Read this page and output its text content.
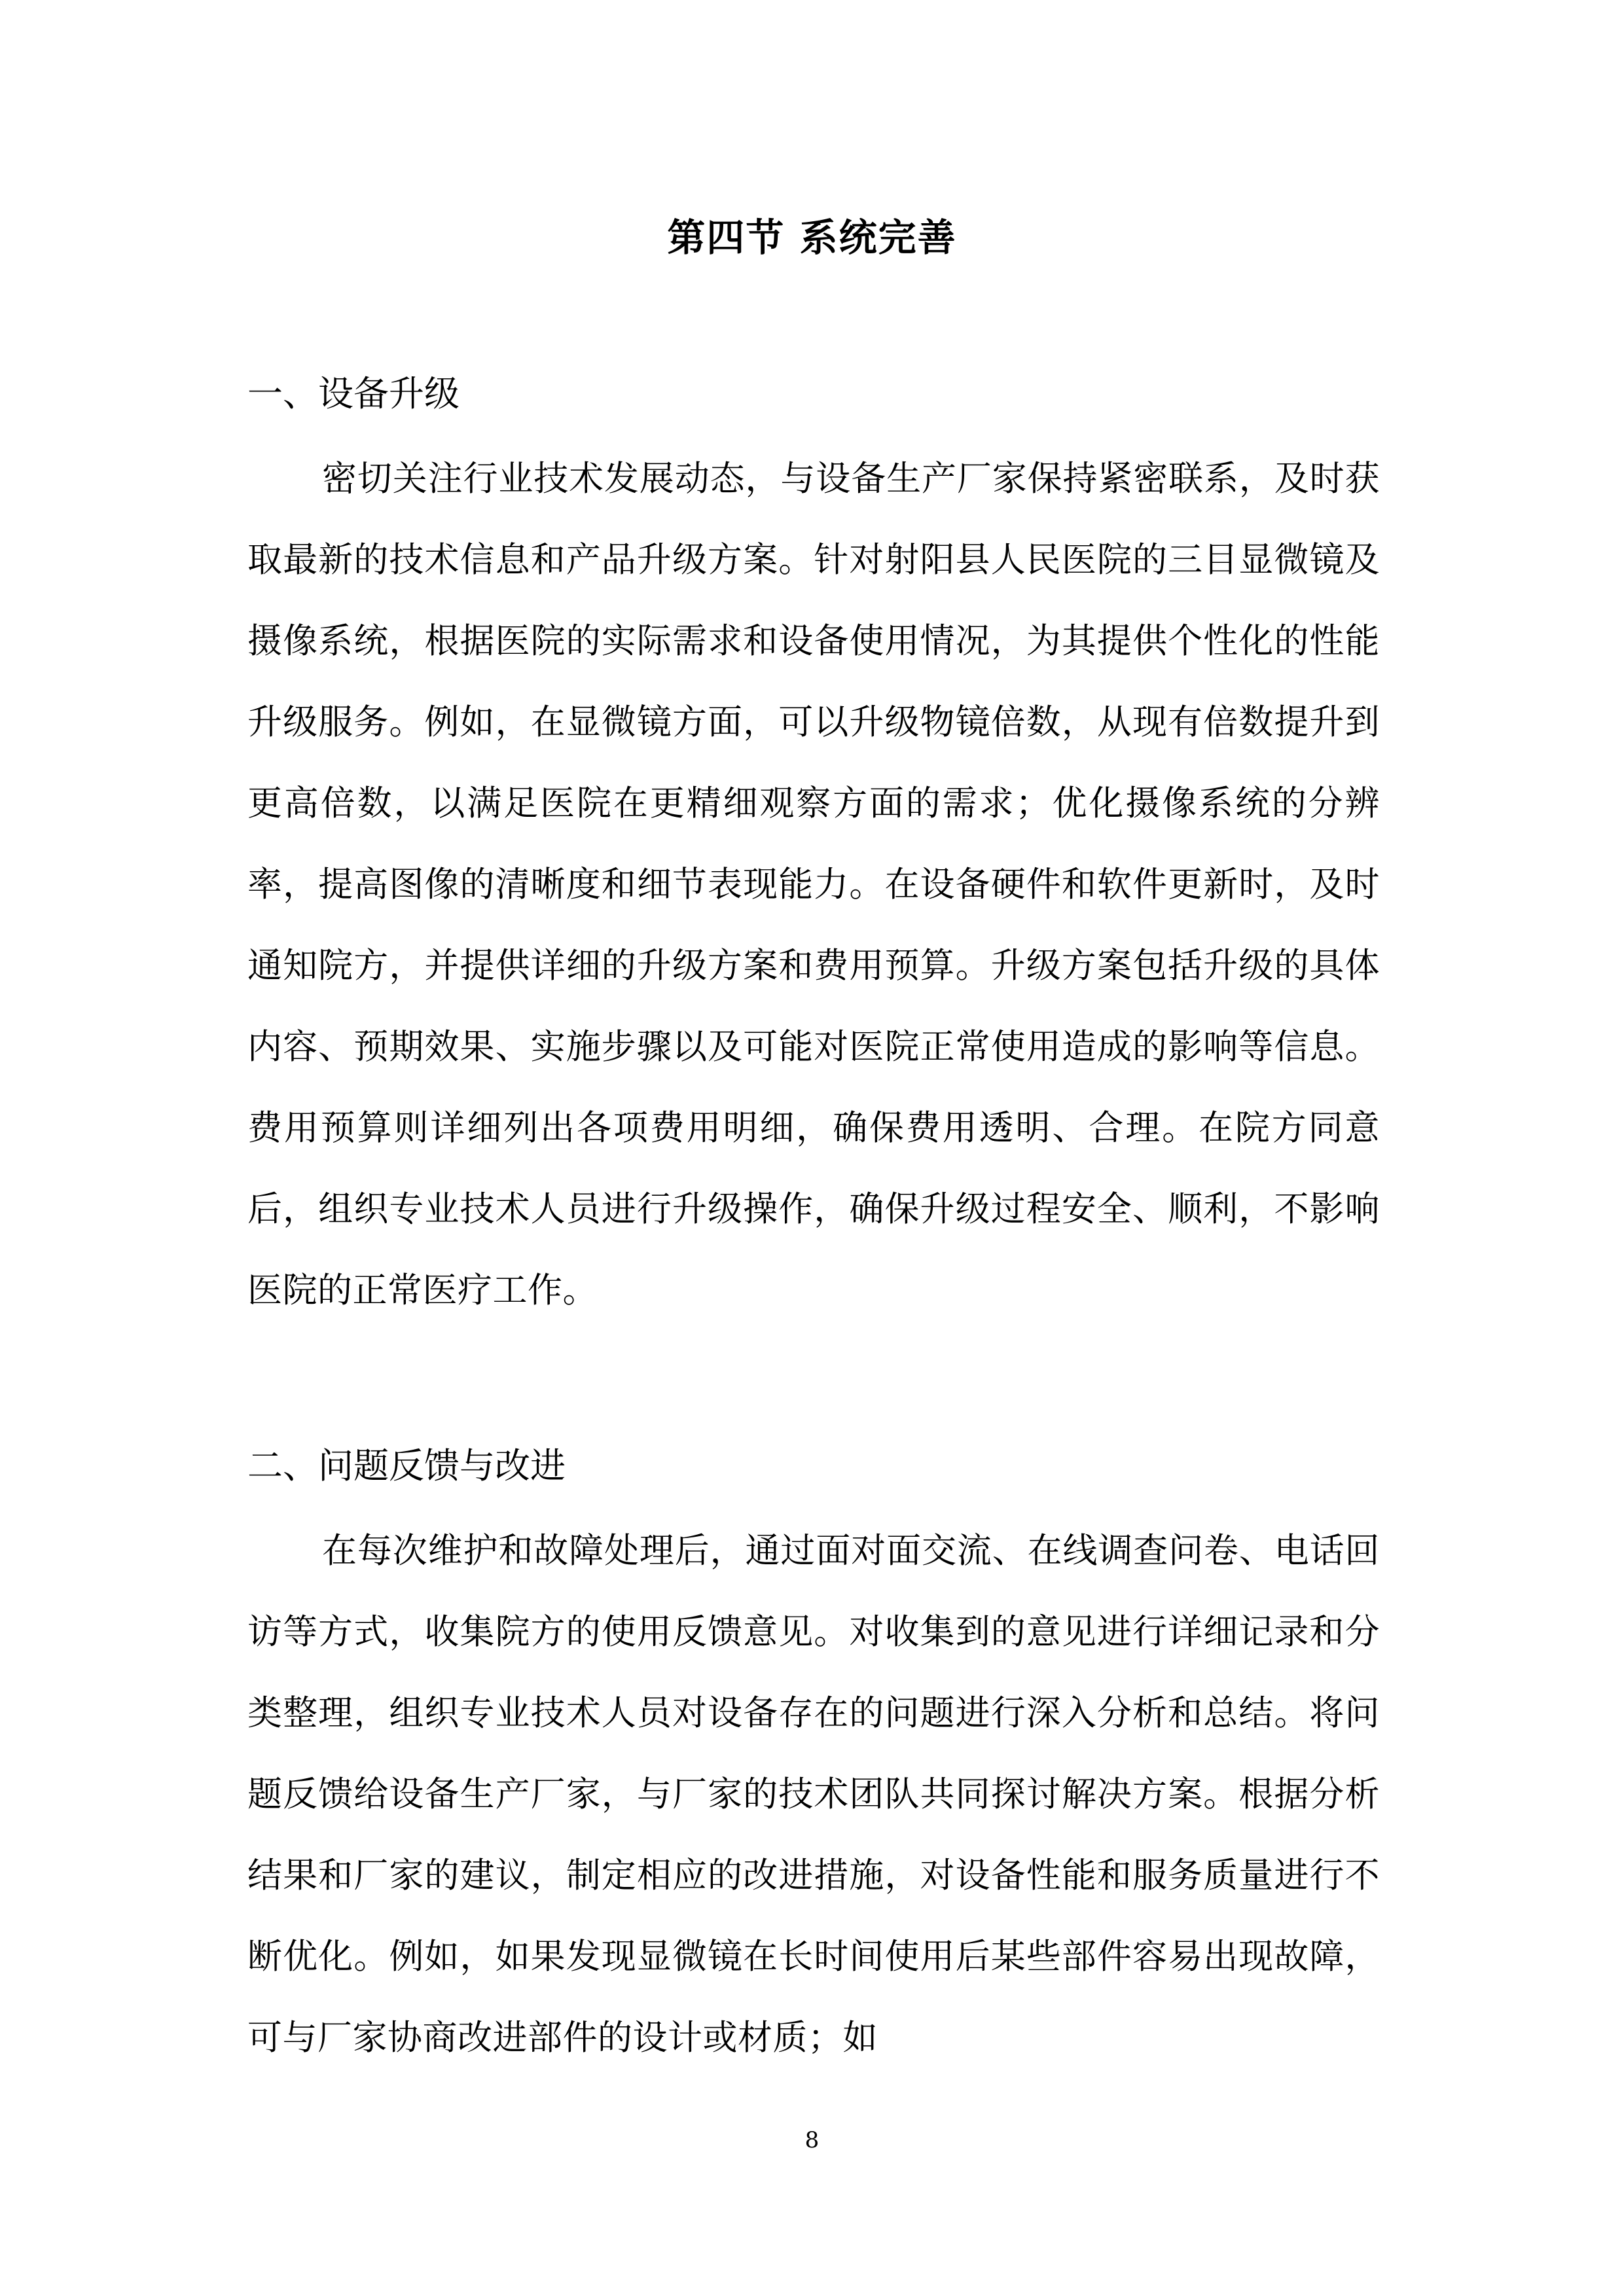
第四节 系统完善
一、设备升级
密切关注行业技术发展动态，与设备生产厂家保持紧密联系，及时获取最新的技术信息和产品升级方案。针对射阳县人民医院的三目显微镜及摄像系统，根据医院的实际需求和设备使用情况，为其提供个性化的性能升级服务。例如，在显微镜方面，可以升级物镜倍数，从现有倍数提升到更高倍数，以满足医院在更精细观察方面的需求；优化摄像系统的分辨率，提高图像的清晰度和细节表现能力。在设备硬件和软件更新时，及时通知院方，并提供详细的升级方案和费用预算。升级方案包括升级的具体内容、预期效果、实施步骤以及可能对医院正常使用造成的影响等信息。费用预算则详细列出各项费用明细，确保费用透明、合理。在院方同意后，组织专业技术人员进行升级操作，确保升级过程安全、顺利，不影响医院的正常医疗工作。
二、问题反馈与改进
在每次维护和故障处理后，通过面对面交流、在线调查问卷、电话回访等方式，收集院方的使用反馈意见。对收集到的意见进行详细记录和分类整理，组织专业技术人员对设备存在的问题进行深入分析和总结。将问题反馈给设备生产厂家，与厂家的技术团队共同探讨解决方案。根据分析结果和厂家的建议，制定相应的改进措施，对设备性能和服务质量进行不断优化。例如，如果发现显微镜在长时间使用后某些部件容易出现故障，可与厂家协商改进部件的设计或材质；如
8
